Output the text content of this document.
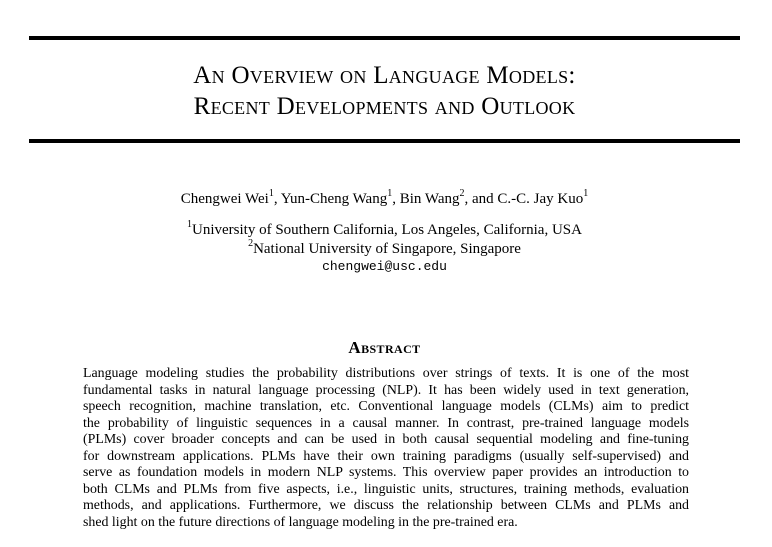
An Overview on Language Models:
Recent Developments and Outlook
Chengwei Wei$^1$, Yun-Cheng Wang$^1$, Bin Wang$^2$, and C.-C. Jay Kuo$^1$
$^1$University of Southern California, Los Angeles, California, USA
$^2$National University of Singapore, Singapore
chengwei@usc.edu
Abstract
Language modeling studies the probability distributions over strings of texts. It is one of the most
fundamental tasks in natural language processing (NLP). It has been widely used in text generation,
speech recognition, machine translation, etc. Conventional language models (CLMs) aim to predict
the probability of linguistic sequences in a causal manner. In contrast, pre-trained language models
(PLMs) cover broader concepts and can be used in both causal sequential modeling and fine-tuning
for downstream applications. PLMs have their own training paradigms (usually self-supervised) and
serve as foundation models in modern NLP systems. This overview paper provides an introduction to
both CLMs and PLMs from five aspects, i.e., linguistic units, structures, training methods, evaluation
methods, and applications. Furthermore, we discuss the relationship between CLMs and PLMs and
shed light on the future directions of language modeling in the pre-trained era.
